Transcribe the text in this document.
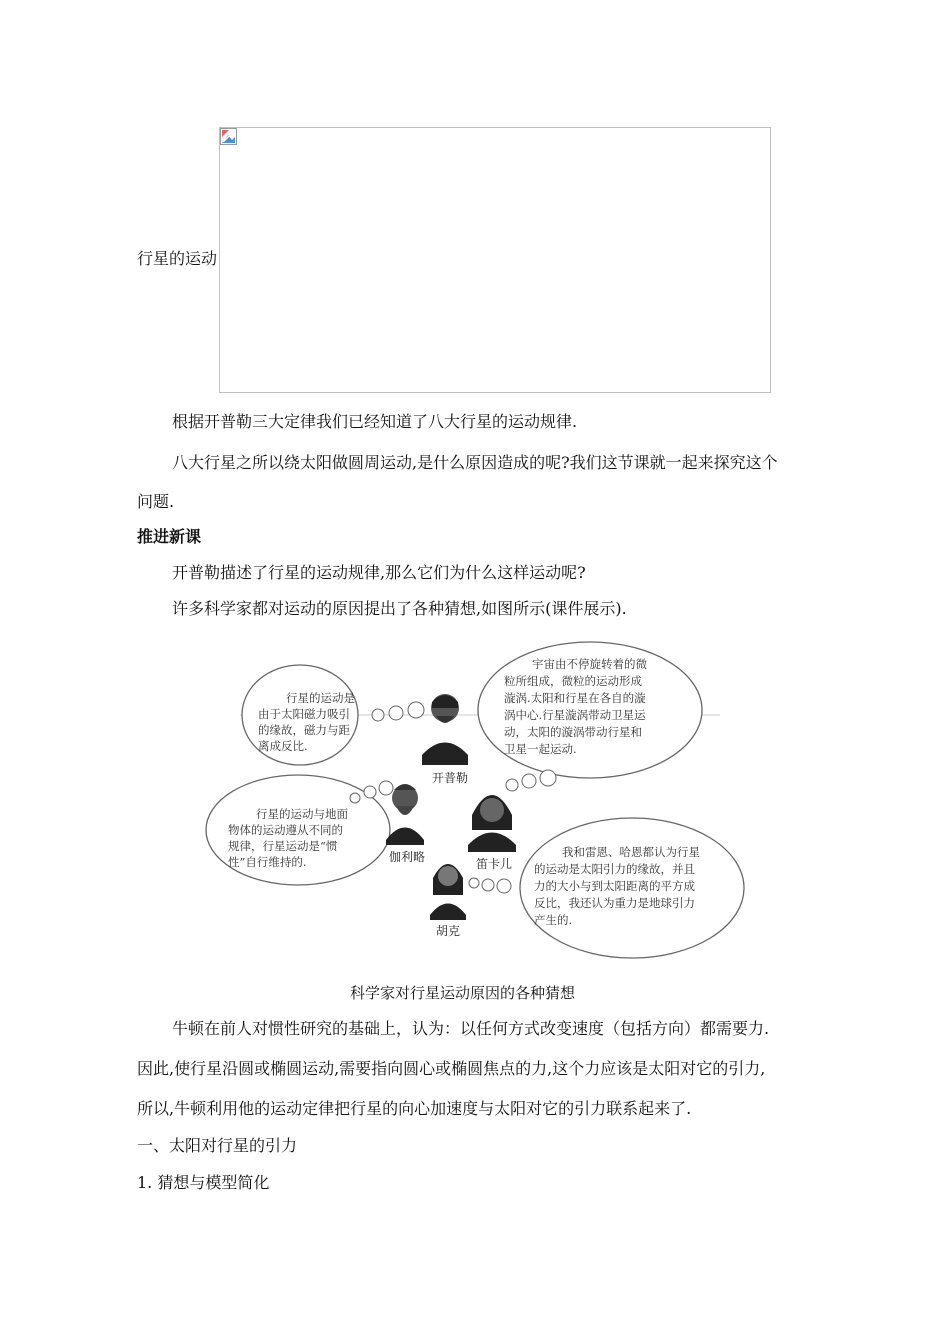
行星的运动
根据开普勒三大定律我们已经知道了八大行星的运动规律.
八大行星之所以绕太阳做圆周运动,是什么原因造成的呢?我们这节课就一起来探究这个
问题.
推进新课
开普勒描述了行星的运动规律,那么它们为什么这样运动呢?
许多科学家都对运动的原因提出了各种猜想,如图所示(课件展示).
行星的运动是
由于太阳磁力吸引
的缘故，磁力与距
离成反比.
开普勒
宇宙由不停旋转着的微
粒所组成，微粒的运动形成
漩涡.太阳和行星在各自的漩
涡中心.行星漩涡带动卫星运
动，太阳的漩涡带动行星和
卫星一起运动.
行星的运动与地面
物体的运动遵从不同的
规律，行星运动是“惯
性”自行维持的.	伽利略	笛卡儿
我和雷恩、哈恩都认为行星
的运动是太阳引力的缘故，并且
力的大小与到太阳距离的平方成
反比，我还认为重力是地球引力
产生的.
胡克
科学家对行星运动原因的各种猜想
牛顿在前人对惯性研究的基础上，认为：以任何方式改变速度（包括方向）都需要力.
因此,使行星沿圆或椭圆运动,需要指向圆心或椭圆焦点的力,这个力应该是太阳对它的引力,
所以,牛顿利用他的运动定律把行星的向心加速度与太阳对它的引力联系起来了.
一、太阳对行星的引力
1. 猜想与模型简化
